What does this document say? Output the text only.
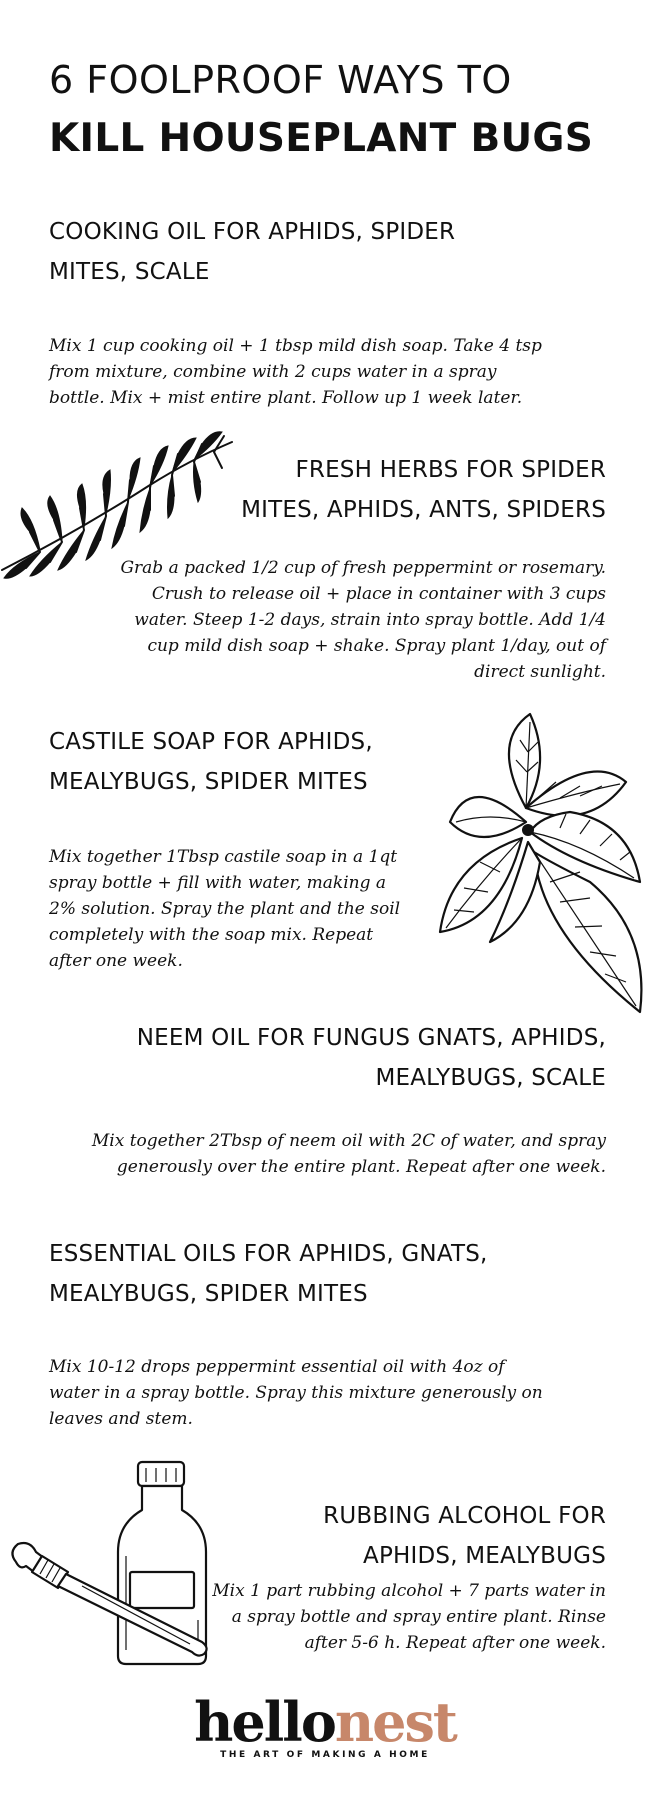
6 FOOLPROOF WAYS TO
KILL HOUSEPLANT BUGS
COOKING OIL FOR APHIDS, SPIDER
MITES, SCALE

Mix 1 cup cooking oil + 1 tbsp mild dish soap. Take 4 tsp
from mixture, combine with 2 cups water in a spray
bottle. Mix + mist entire plant. Follow up 1 week later.

FRESH HERBS FOR SPIDER
MITES, APHIDS, ANTS, SPIDERS

Grab a packed 1/2 cup of fresh peppermint or rosemary.
Crush to release oil + place in container with 3 cups
water. Steep 1-2 days, strain into spray bottle. Add 1/4
cup mild dish soap + shake. Spray plant 1/day, out of
direct sunlight.

CASTILE SOAP FOR APHIDS,
MEALYBUGS, SPIDER MITES

Mix together 1Tbsp castile soap in a 1qt
spray bottle + fill with water, making a
2% solution. Spray the plant and the soil
completely with the soap mix. Repeat
after one week.

NEEM OIL FOR FUNGUS GNATS, APHIDS,
MEALYBUGS, SCALE

Mix together 2Tbsp of neem oil with 2C of water, and spray
generously over the entire plant. Repeat after one week.

ESSENTIAL OILS FOR APHIDS, GNATS,
MEALYBUGS, SPIDER MITES

Mix 10-12 drops peppermint essential oil with 4oz of
water in a spray bottle. Spray this mixture generously on
leaves and stem.

RUBBING ALCOHOL FOR
APHIDS, MEALYBUGS

Mix 1 part rubbing alcohol + 7 parts water in
a spray bottle and spray entire plant. Rinse
after 5-6 h. Repeat after one week.

hellonest
THE ART OF MAKING A HOME
